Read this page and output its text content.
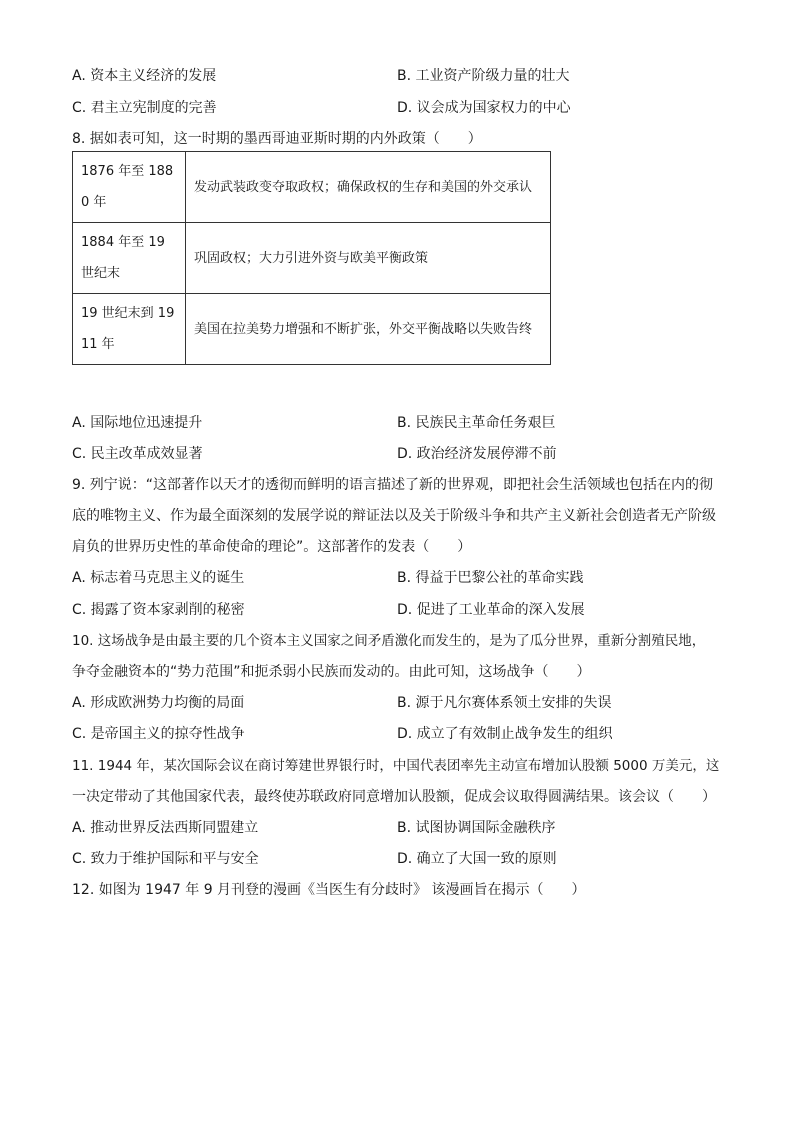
A. 资本主义经济的发展	B. 工业资产阶级力量的壮大
C. 君主立宪制度的完善	D. 议会成为国家权力的中心
8. 据如表可知，这一时期的墨西哥迪亚斯时期的内外政策（　　）
1876 年至 1880 年	发动武装政变夺取政权；确保政权的生存和美国的外交承认
1884 年至 19 世纪末	巩固政权；大力引进外资与欧美平衡政策
19 世纪末到 1911 年	美国在拉美势力增强和不断扩张，外交平衡战略以失败告终
A. 国际地位迅速提升	B. 民族民主革命任务艰巨
C. 民主改革成效显著	D. 政治经济发展停滞不前
9. 列宁说：“这部著作以天才的透彻而鲜明的语言描述了新的世界观，即把社会生活领域也包括在内的彻
底的唯物主义、作为最全面深刻的发展学说的辩证法以及关于阶级斗争和共产主义新社会创造者无产阶级
肩负的世界历史性的革命使命的理论”。这部著作的发表（　　）
A. 标志着马克思主义的诞生	B. 得益于巴黎公社的革命实践
C. 揭露了资本家剥削的秘密	D. 促进了工业革命的深入发展
10. 这场战争是由最主要的几个资本主义国家之间矛盾激化而发生的，是为了瓜分世界，重新分割殖民地，
争夺金融资本的“势力范围”和扼杀弱小民族而发动的。由此可知，这场战争（　　）
A. 形成欧洲势力均衡的局面	B. 源于凡尔赛体系领土安排的失误
C. 是帝国主义的掠夺性战争	D. 成立了有效制止战争发生的组织
11. 1944 年，某次国际会议在商讨筹建世界银行时，中国代表团率先主动宣布增加认股额 5000 万美元，这
一决定带动了其他国家代表，最终使苏联政府同意增加认股额，促成会议取得圆满结果。该会议（　　）
A. 推动世界反法西斯同盟建立	B. 试图协调国际金融秩序
C. 致力于维护国际和平与安全	D. 确立了大国一致的原则
12. 如图为 1947 年 9 月刊登的漫画《当医生有分歧时》 该漫画旨在揭示（　　）
